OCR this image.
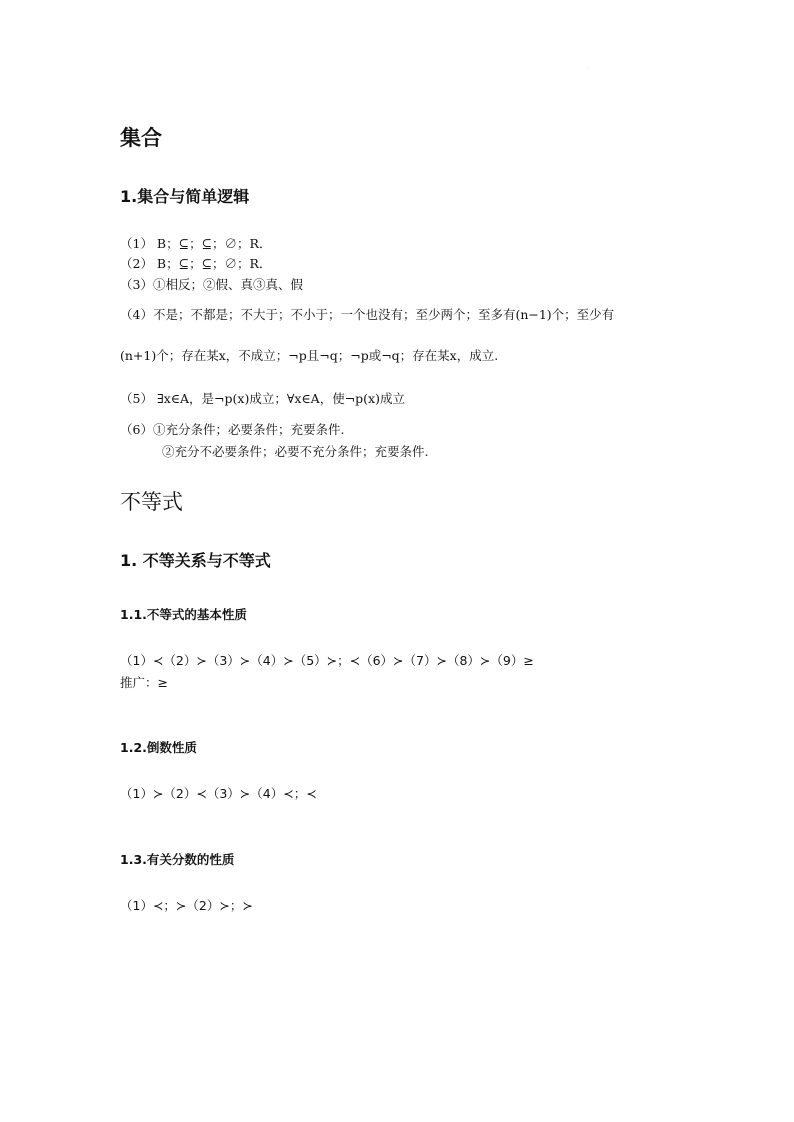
.
集合
1.集合与简单逻辑
（1） B；⊆；⊆；∅；R．
（2） B；⊆；⊆；∅；R．
（3）①相反；②假、真③真、假
（4）不是；不都是；不大于；不小于；一个也没有；至少两个；至多有(n−1)个；至少有
(n+1)个；存在某x，不成立；¬p且¬q；¬p或¬q；存在某x，成立.
（5） ∃x∈A，是¬p(x)成立；∀x∈A，使¬p(x)成立
（6）①充分条件；必要条件；充要条件.
②充分不必要条件；必要不充分条件；充要条件.
不等式
1. 不等关系与不等式
1.1.不等式的基本性质
（1）≺（2）≻（3）≻（4）≻（5）≻；≺（6）≻（7）≻（8）≻（9）≥
推广：≥
1.2.倒数性质
（1）≻（2）≺（3）≻（4）≺；≺
1.3.有关分数的性质
（1）≺；≻（2）≻；≻
